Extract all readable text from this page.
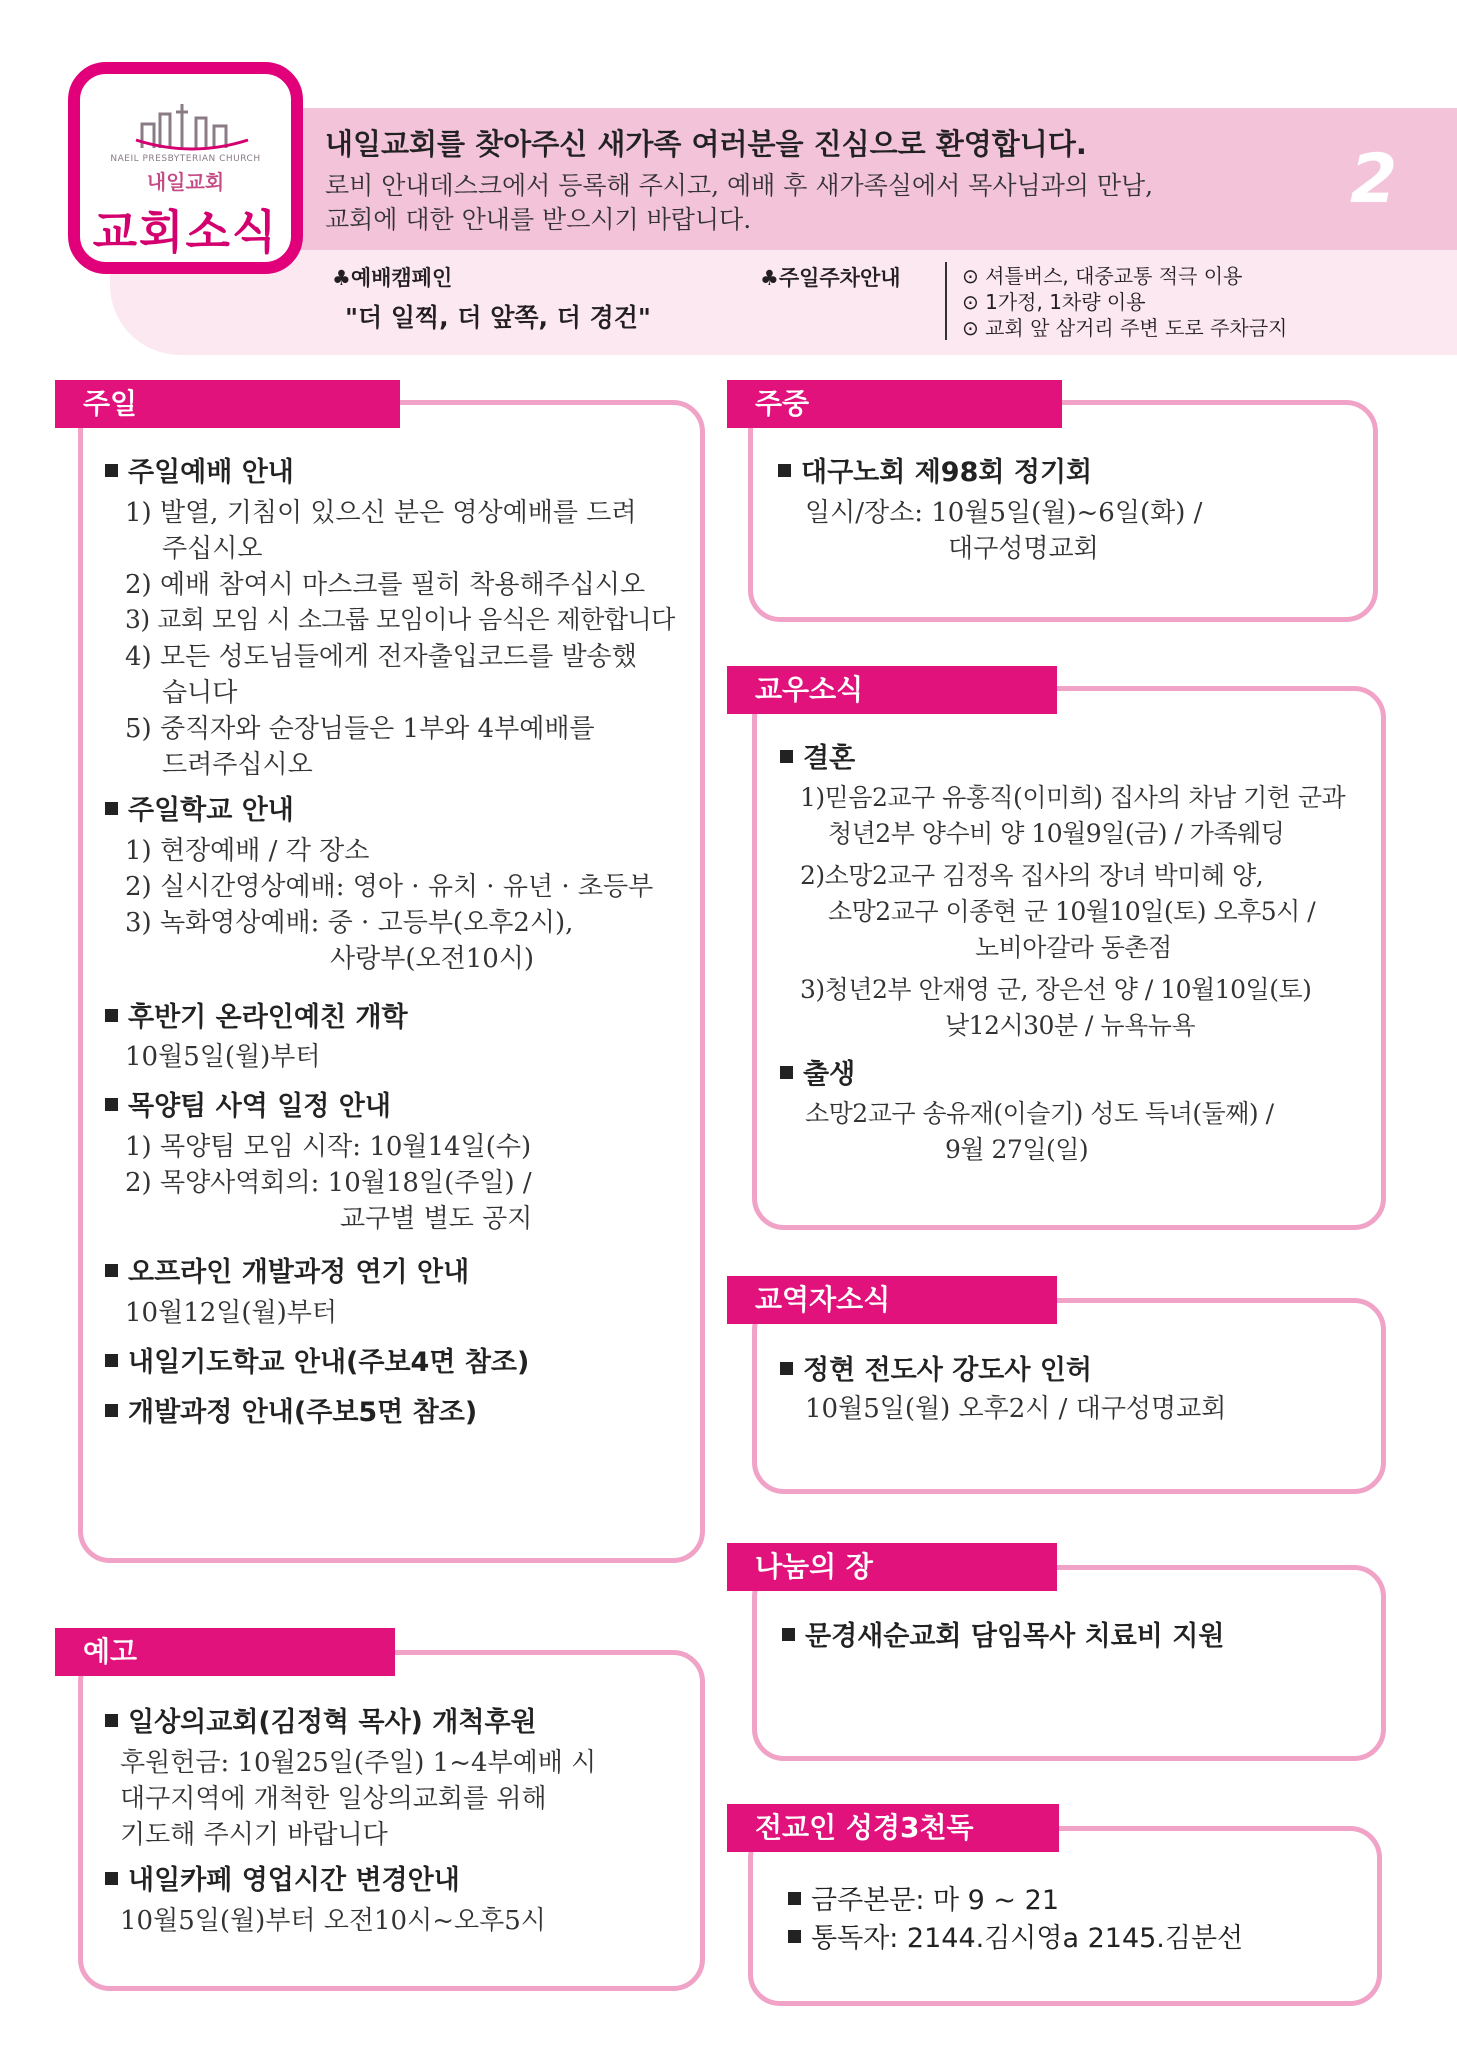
NAEIL PRESBYTERIAN CHURCH
내일교회
교회소식
내일교회를 찾아주신 새가족 여러분을 진심으로 환영합니다.
로비 안내데스크에서 등록해 주시고, 예배 후 새가족실에서 목사님과의 만남,
교회에 대한 안내를 받으시기 바랍니다.
2
♣예배캠페인
"더 일찍, 더 앞쪽, 더 경건"
♣주일주차안내	⊙ 셔틀버스, 대중교통 적극 이용
⊙ 1가정, 1차량 이용
⊙ 교회 앞 삼거리 주변 도로 주차금지
주일
주일예배 안내
1) 발열, 기침이 있으신 분은 영상예배를 드려
주십시오
2) 예배 참여시 마스크를 필히 착용해주십시오
3) 교회 모임 시 소그룹 모임이나 음식은 제한합니다
4) 모든 성도님들에게 전자출입코드를 발송했
습니다
5) 중직자와 순장님들은 1부와 4부예배를
드려주십시오
주일학교 안내
1) 현장예배 / 각 장소
2) 실시간영상예배: 영아 · 유치 · 유년 · 초등부
3) 녹화영상예배: 중 · 고등부(오후2시),
사랑부(오전10시)
후반기 온라인예친 개학
10월5일(월)부터
목양팀 사역 일정 안내
1) 목양팀 모임 시작: 10월14일(수)
2) 목양사역회의: 10월18일(주일) /
교구별 별도 공지
오프라인 개발과정 연기 안내
10월12일(월)부터
내일기도학교 안내(주보4면 참조)
개발과정 안내(주보5면 참조)
예고
일상의교회(김정혁 목사) 개척후원
후원헌금: 10월25일(주일) 1~4부예배 시
대구지역에 개척한 일상의교회를 위해
기도해 주시기 바랍니다
내일카페 영업시간 변경안내
10월5일(월)부터 오전10시~오후5시
주중
대구노회 제98회 정기회
일시/장소: 10월5일(월)~6일(화) /
대구성명교회
교우소식
결혼
1)믿음2교구 유홍직(이미희) 집사의 차남 기헌 군과
청년2부 양수비 양 10월9일(금) / 가족웨딩
2)소망2교구 김정옥 집사의 장녀 박미혜 양,
소망2교구 이종현 군 10월10일(토) 오후5시 /
노비아갈라 동촌점
3)청년2부 안재영 군, 장은선 양 / 10월10일(토)
낮12시30분 / 뉴욕뉴욕
출생
소망2교구 송유재(이슬기) 성도 득녀(둘째) /
9월 27일(일)
교역자소식
정현 전도사 강도사 인허
10월5일(월) 오후2시 / 대구성명교회
나눔의 장
문경새순교회 담임목사 치료비 지원
전교인 성경3천독
금주본문: 마 9 ~ 21
통독자: 2144.김시영a 2145.김분선
